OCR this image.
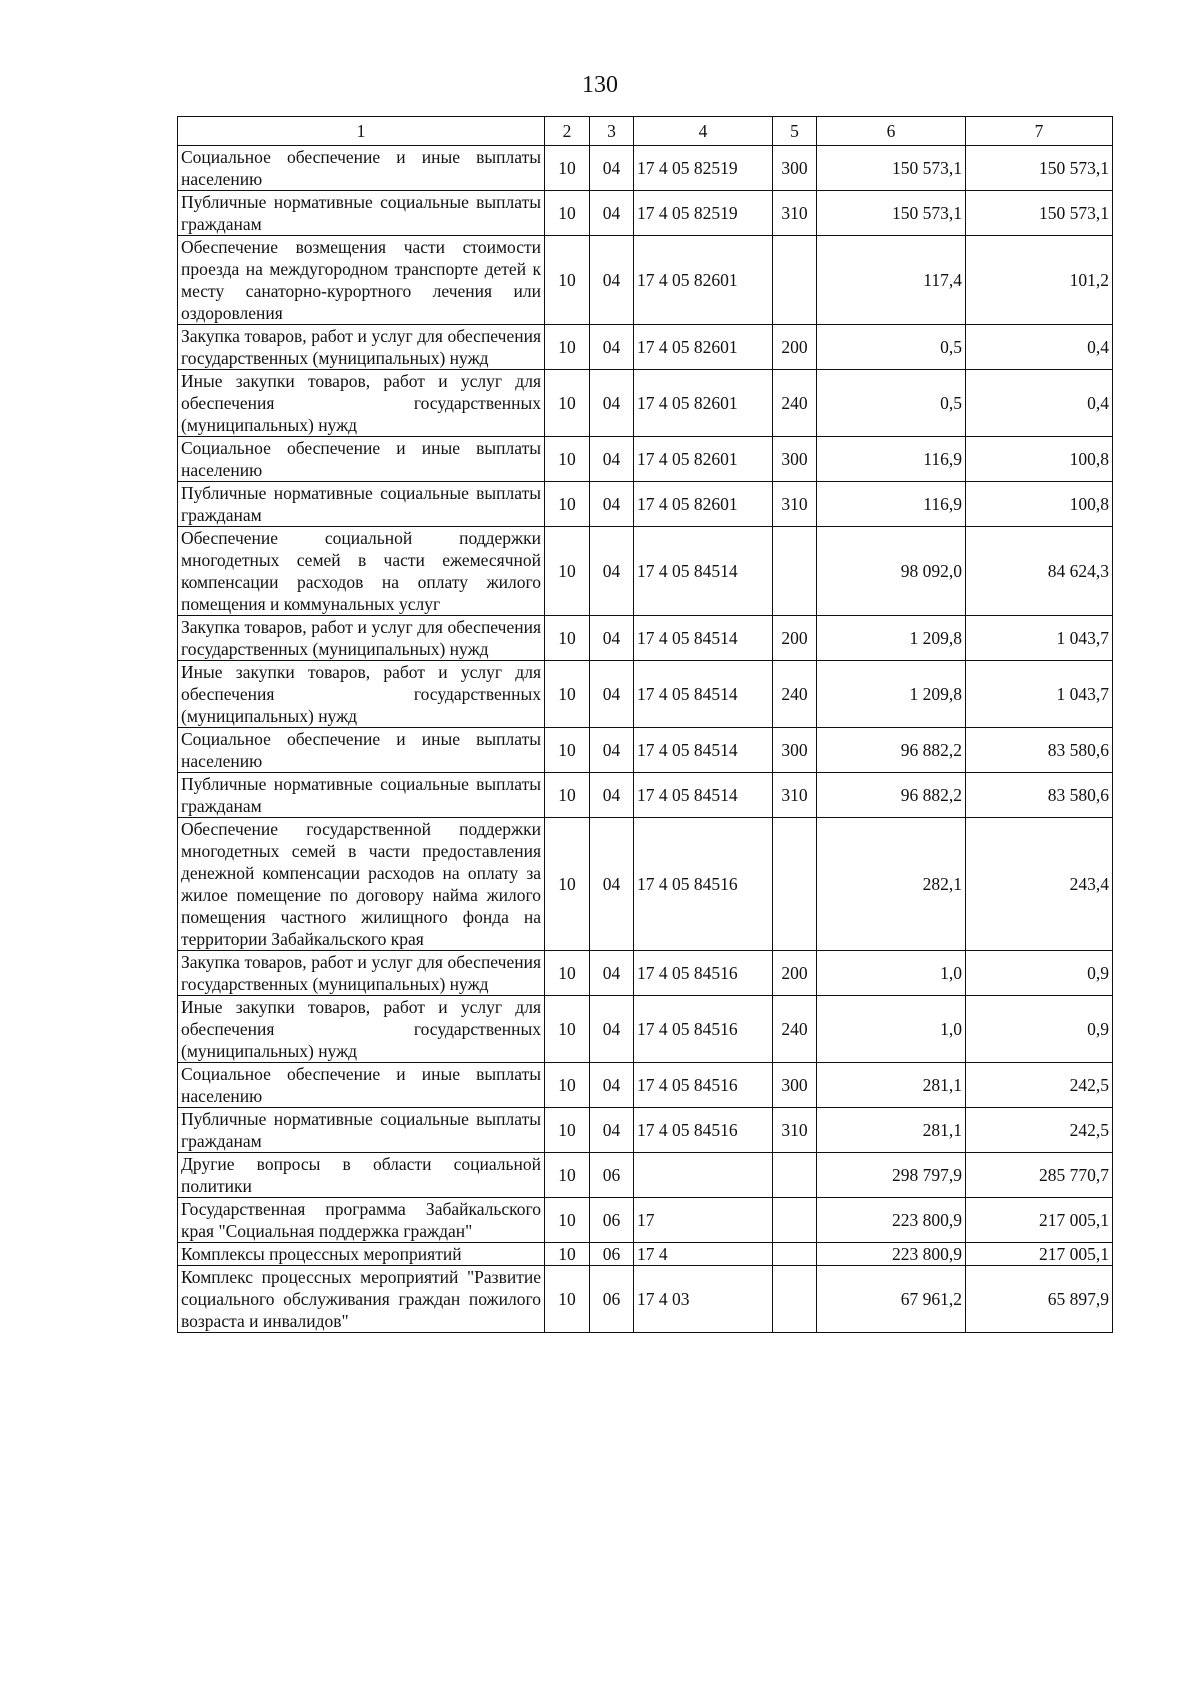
130
1	2	3	4	5	6	7
Социальное обеспечение и иные выплаты населению	10	04	17 4 05 82519	300	150 573,1	150 573,1
Публичные нормативные социальные выплаты гражданам	10	04	17 4 05 82519	310	150 573,1	150 573,1
Обеспечение возмещения части стоимости проезда на междугородном транспорте детей к месту санаторно-курортного лечения или оздоровления	10	04	17 4 05 82601		117,4	101,2
Закупка товаров, работ и услуг для обеспечения государственных (муниципальных) нужд	10	04	17 4 05 82601	200	0,5	0,4
Иные закупки товаров, работ и услуг для обеспечения государственных (муниципальных) нужд	10	04	17 4 05 82601	240	0,5	0,4
Социальное обеспечение и иные выплаты населению	10	04	17 4 05 82601	300	116,9	100,8
Публичные нормативные социальные выплаты гражданам	10	04	17 4 05 82601	310	116,9	100,8
Обеспечение социальной поддержки многодетных семей в части ежемесячной компенсации расходов на оплату жилого помещения и коммунальных услуг	10	04	17 4 05 84514		98 092,0	84 624,3
Закупка товаров, работ и услуг для обеспечения государственных (муниципальных) нужд	10	04	17 4 05 84514	200	1 209,8	1 043,7
Иные закупки товаров, работ и услуг для обеспечения государственных (муниципальных) нужд	10	04	17 4 05 84514	240	1 209,8	1 043,7
Социальное обеспечение и иные выплаты населению	10	04	17 4 05 84514	300	96 882,2	83 580,6
Публичные нормативные социальные выплаты гражданам	10	04	17 4 05 84514	310	96 882,2	83 580,6
Обеспечение государственной поддержки многодетных семей в части предоставления денежной компенсации расходов на оплату за жилое помещение по договору найма жилого помещения частного жилищного фонда на территории Забайкальского края	10	04	17 4 05 84516		282,1	243,4
Закупка товаров, работ и услуг для обеспечения государственных (муниципальных) нужд	10	04	17 4 05 84516	200	1,0	0,9
Иные закупки товаров, работ и услуг для обеспечения государственных (муниципальных) нужд	10	04	17 4 05 84516	240	1,0	0,9
Социальное обеспечение и иные выплаты населению	10	04	17 4 05 84516	300	281,1	242,5
Публичные нормативные социальные выплаты гражданам	10	04	17 4 05 84516	310	281,1	242,5
Другие вопросы в области социальной политики	10	06			298 797,9	285 770,7
Государственная программа Забайкальского края "Социальная поддержка граждан"	10	06	17		223 800,9	217 005,1
Комплексы процессных мероприятий	10	06	17 4		223 800,9	217 005,1
Комплекс процессных мероприятий "Развитие социального обслуживания граждан пожилого возраста и инвалидов"	10	06	17 4 03		67 961,2	65 897,9
